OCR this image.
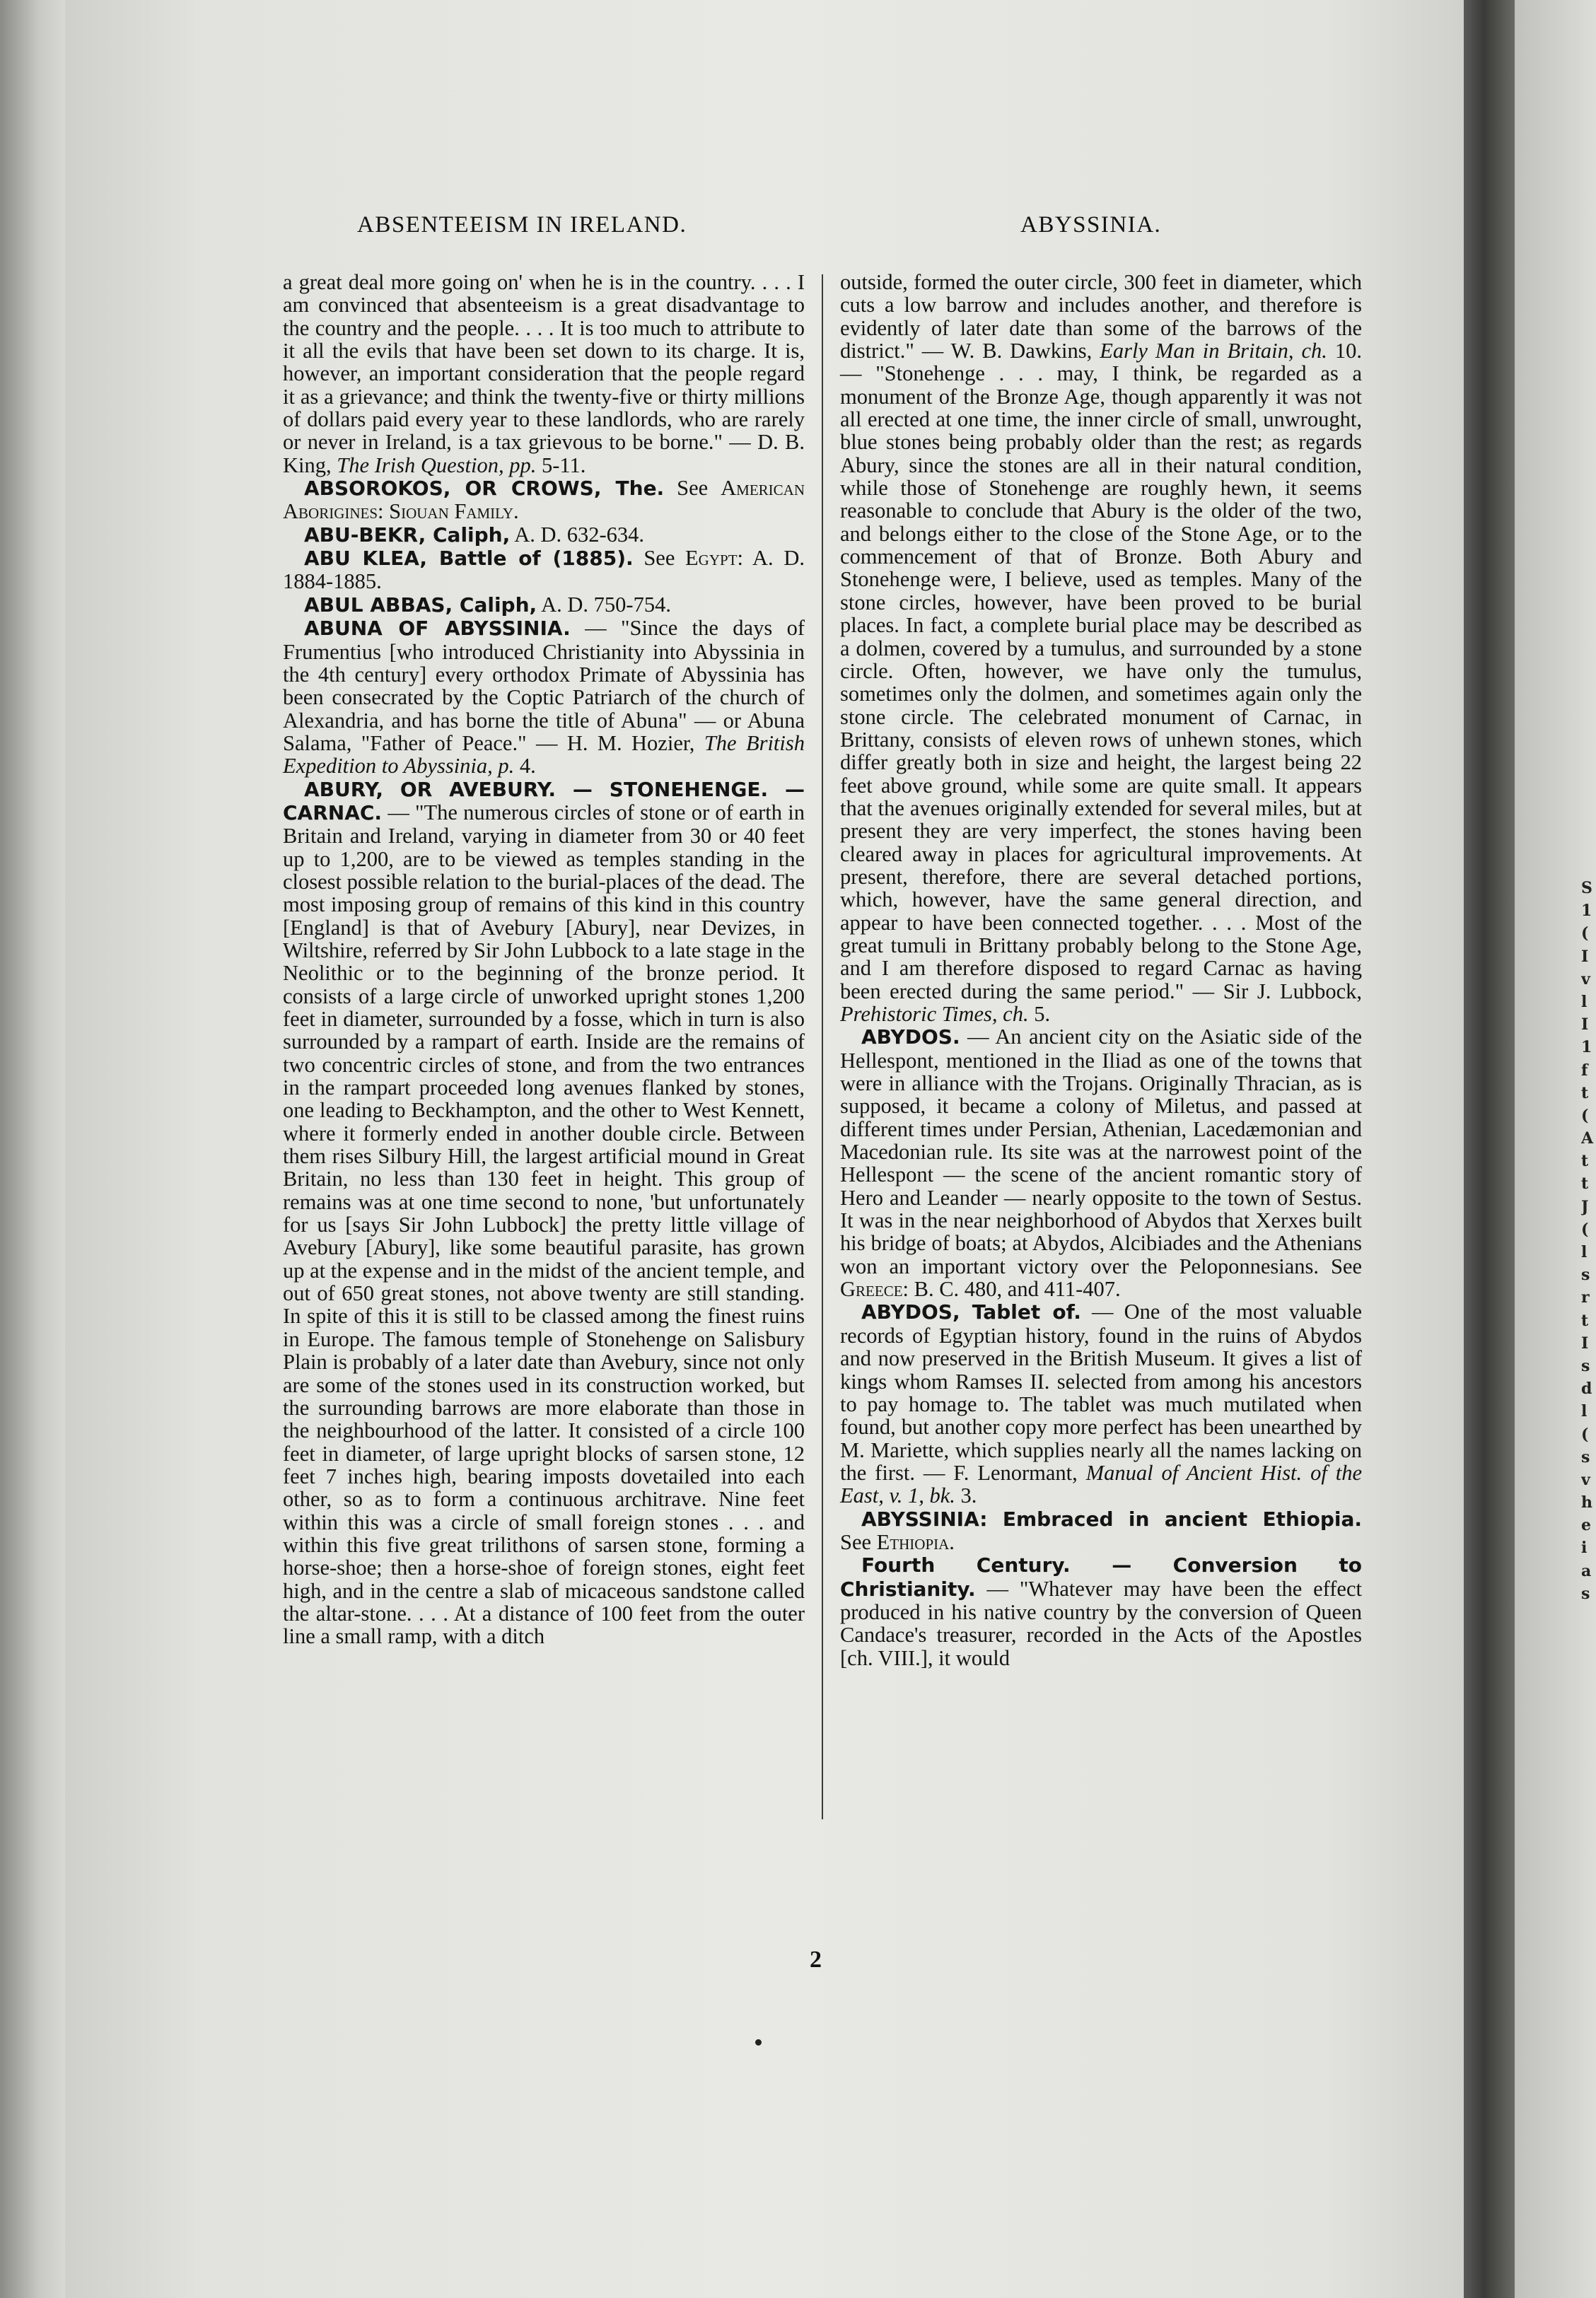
S
1
(
I
v
l
I
1
f
t
(
A
t
t
J
(
l
s
r
t
I
s
d
l
(
s
v
h
e
i
a
s
ABSENTEEISM IN IRELAND.	ABYSSINIA.

a great deal more going on' when he is in the country. . . . I am convinced that absenteeism is a great disadvantage to the country and the people. . . . It is too much to attribute to it all the evils that have been set down to its charge. It is, however, an important consideration that the people regard it as a grievance; and think the twenty-five or thirty millions of dollars paid every year to these landlords, who are rarely or never in Ireland, is a tax grievous to be borne." — D. B. King, The Irish Question, pp. 5-11.

ABSOROKOS, OR CROWS, The. See American Aborigines: Siouan Family.

ABU-BEKR, Caliph, A. D. 632-634.

ABU KLEA, Battle of (1885). See Egypt: A. D. 1884-1885.

ABUL ABBAS, Caliph, A. D. 750-754.

ABUNA OF ABYSSINIA. — "Since the days of Frumentius [who introduced Christianity into Abyssinia in the 4th century] every orthodox Primate of Abyssinia has been consecrated by the Coptic Patriarch of the church of Alexandria, and has borne the title of Abuna" — or Abuna Salama, "Father of Peace." — H. M. Hozier, The British Expedition to Abyssinia, p. 4.

ABURY, OR AVEBURY. — STONEHENGE. — CARNAC. — "The numerous circles of stone or of earth in Britain and Ireland, varying in diameter from 30 or 40 feet up to 1,200, are to be viewed as temples standing in the closest possible relation to the burial-places of the dead. The most imposing group of remains of this kind in this country [England] is that of Avebury [Abury], near Devizes, in Wiltshire, referred by Sir John Lubbock to a late stage in the Neolithic or to the beginning of the bronze period. It consists of a large circle of unworked upright stones 1,200 feet in diameter, surrounded by a fosse, which in turn is also surrounded by a rampart of earth. Inside are the remains of two concentric circles of stone, and from the two entrances in the rampart proceeded long avenues flanked by stones, one leading to Beckhampton, and the other to West Kennett, where it formerly ended in another double circle. Between them rises Silbury Hill, the largest artificial mound in Great Britain, no less than 130 feet in height. This group of remains was at one time second to none, 'but unfortunately for us [says Sir John Lubbock] the pretty little village of Avebury [Abury], like some beautiful parasite, has grown up at the expense and in the midst of the ancient temple, and out of 650 great stones, not above twenty are still standing. In spite of this it is still to be classed among the finest ruins in Europe. The famous temple of Stonehenge on Salisbury Plain is probably of a later date than Avebury, since not only are some of the stones used in its construction worked, but the surrounding barrows are more elaborate than those in the neighbourhood of the latter. It consisted of a circle 100 feet in diameter, of large upright blocks of sarsen stone, 12 feet 7 inches high, bearing imposts dovetailed into each other, so as to form a continuous architrave. Nine feet within this was a circle of small foreign stones . . . and within this five great trilithons of sarsen stone, forming a horse-shoe; then a horse-shoe of foreign stones, eight feet high, and in the centre a slab of micaceous sandstone called the altar-stone. . . . At a distance of 100 feet from the outer line a small ramp, with a ditch

outside, formed the outer circle, 300 feet in diameter, which cuts a low barrow and includes another, and therefore is evidently of later date than some of the barrows of the district." — W. B. Dawkins, Early Man in Britain, ch. 10. — "Stonehenge . . . may, I think, be regarded as a monument of the Bronze Age, though apparently it was not all erected at one time, the inner circle of small, unwrought, blue stones being probably older than the rest; as regards Abury, since the stones are all in their natural condition, while those of Stonehenge are roughly hewn, it seems reasonable to conclude that Abury is the older of the two, and belongs either to the close of the Stone Age, or to the commencement of that of Bronze. Both Abury and Stonehenge were, I believe, used as temples. Many of the stone circles, however, have been proved to be burial places. In fact, a complete burial place may be described as a dolmen, covered by a tumulus, and surrounded by a stone circle. Often, however, we have only the tumulus, sometimes only the dolmen, and sometimes again only the stone circle. The celebrated monument of Carnac, in Brittany, consists of eleven rows of unhewn stones, which differ greatly both in size and height, the largest being 22 feet above ground, while some are quite small. It appears that the avenues originally extended for several miles, but at present they are very imperfect, the stones having been cleared away in places for agricultural improvements. At present, therefore, there are several detached portions, which, however, have the same general direction, and appear to have been connected together. . . . Most of the great tumuli in Brittany probably belong to the Stone Age, and I am therefore disposed to regard Carnac as having been erected during the same period." — Sir J. Lubbock, Prehistoric Times, ch. 5.

ABYDOS. — An ancient city on the Asiatic side of the Hellespont, mentioned in the Iliad as one of the towns that were in alliance with the Trojans. Originally Thracian, as is supposed, it became a colony of Miletus, and passed at different times under Persian, Athenian, Lacedæmonian and Macedonian rule. Its site was at the narrowest point of the Hellespont — the scene of the ancient romantic story of Hero and Leander — nearly opposite to the town of Sestus. It was in the near neighborhood of Abydos that Xerxes built his bridge of boats; at Abydos, Alcibiades and the Athenians won an important victory over the Peloponnesians. See Greece: B. C. 480, and 411-407.

ABYDOS, Tablet of. — One of the most valuable records of Egyptian history, found in the ruins of Abydos and now preserved in the British Museum. It gives a list of kings whom Ramses II. selected from among his ancestors to pay homage to. The tablet was much mutilated when found, but another copy more perfect has been unearthed by M. Mariette, which supplies nearly all the names lacking on the first. — F. Lenormant, Manual of Ancient Hist. of the East, v. 1, bk. 3.

ABYSSINIA: Embraced in ancient Ethiopia. See Ethiopia.

Fourth Century. — Conversion to Christianity. — "Whatever may have been the effect produced in his native country by the conversion of Queen Candace's treasurer, recorded in the Acts of the Apostles [ch. VIII.], it would

2
